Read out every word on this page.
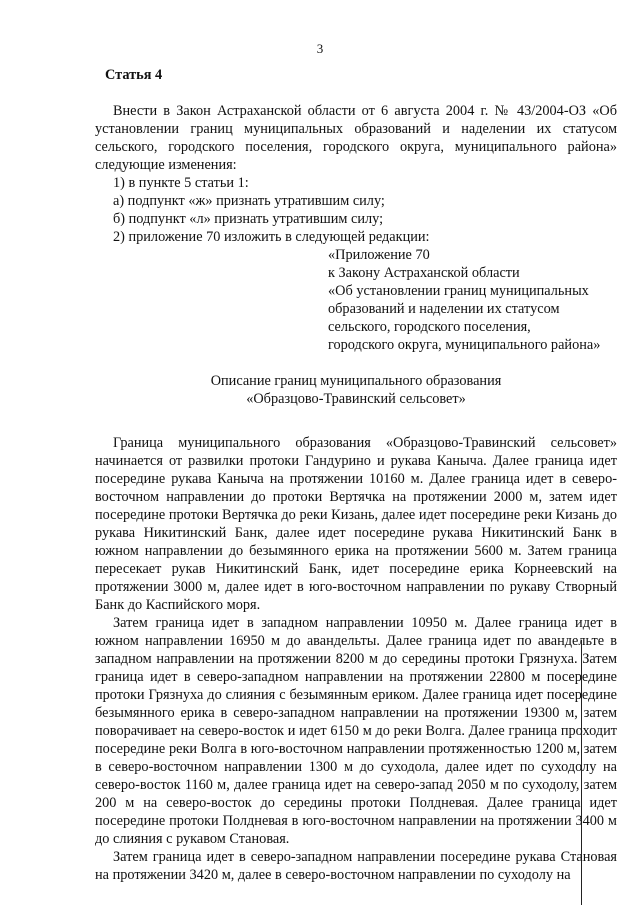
3
Статья 4

Внести в Закон Астраханской области от 6 августа 2004 г. № 43/2004-ОЗ «Об установлении границ муниципальных образований и наделении их статусом сельского, городского поселения, городского округа, муниципального района» следующие изменения:

1) в пункте 5 статьи 1:
а) подпункт «ж» признать утратившим силу;
б) подпункт «л» признать утратившим силу;
2) приложение 70 изложить в следующей редакции:
«Приложение 70
к Закону Астраханской области
«Об установлении границ муниципальных
образований и наделении их статусом
сельского, городского поселения,
городского округа, муниципального района»
Описание границ муниципального образования
«Образцово-Травинский сельсовет»

Граница муниципального образования «Образцово-Травинский сельсовет» начинается от развилки протоки Гандурино и рукава Каныча. Далее граница идет посередине рукава Каныча на протяжении 10160 м. Далее граница идет в северо-восточном направлении до протоки Вертячка на протяжении 2000 м, затем идет посередине протоки Вертячка до реки Кизань, далее идет посередине реки Кизань до рукава Никитинский Банк, далее идет посередине рукава Никитинский Банк в южном направлении до безымянного ерика на протяжении 5600 м. Затем граница пересекает рукав Никитинский Банк, идет посередине ерика Корнеевский на протяжении 3000 м, далее идет в юго-восточном направлении по рукаву Створный Банк до Каспийского моря.

Затем граница идет в западном направлении 10950 м. Далее граница идет в южном направлении 16950 м до авандельты. Далее граница идет по авандельте в западном направлении на протяжении 8200 м до середины протоки Грязнуха. Затем граница идет в северо-западном направлении на протяжении 22800 м посередине протоки Грязнуха до слияния с безымянным ериком. Далее граница идет посередине безымянного ерика в северо-западном направлении на протяжении 19300 м, затем поворачивает на северо-восток и идет 6150 м до реки Волга. Далее граница проходит посередине реки Волга в юго-восточном направлении протяженностью 1200 м, затем в северо-восточном направлении 1300 м до суходола, далее идет по суходолу на северо-восток 1160 м, далее граница идет на северо-запад 2050 м по суходолу, затем 200 м на северо-восток до середины протоки Полдневая. Далее граница идет посередине протоки Полдневая в юго-восточном направлении на протяжении 3400 м до слияния с рукавом Становая.

Затем граница идет в северо-западном направлении посередине рукава Становая на протяжении 3420 м, далее в северо-восточном направлении по суходолу на
